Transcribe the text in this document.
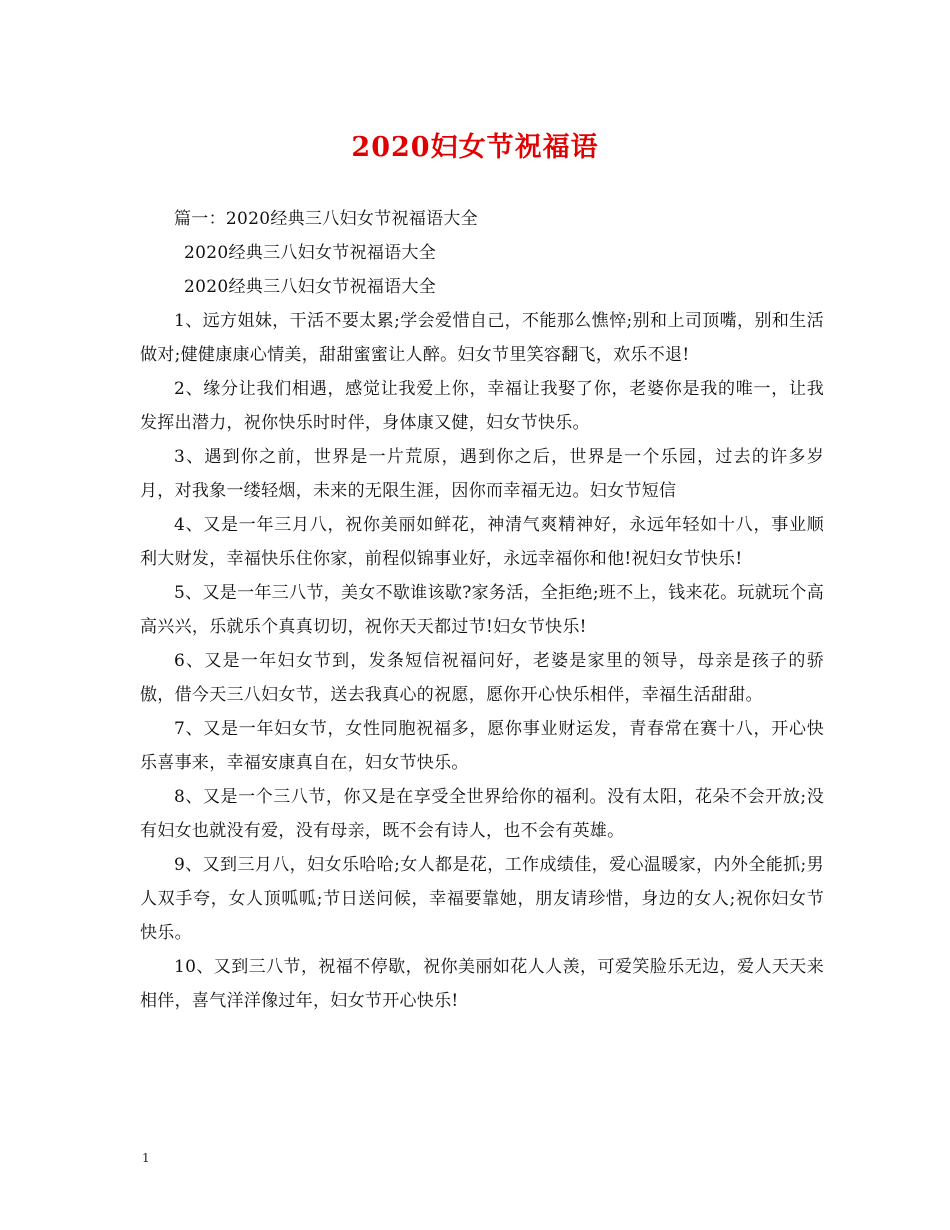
2020妇女节祝福语

篇一：2020经典三八妇女节祝福语大全

2020经典三八妇女节祝福语大全

2020经典三八妇女节祝福语大全

1、远方姐妹，干活不要太累;学会爱惜自己，不能那么憔悴;别和上司顶嘴，别和生活做对;健健康康心情美，甜甜蜜蜜让人醉。妇女节里笑容翻飞，欢乐不退!

2、缘分让我们相遇，感觉让我爱上你，幸福让我娶了你，老婆你是我的唯一，让我发挥出潜力，祝你快乐时时伴，身体康又健，妇女节快乐。

3、遇到你之前，世界是一片荒原，遇到你之后，世界是一个乐园，过去的许多岁月，对我象一缕轻烟，未来的无限生涯，因你而幸福无边。妇女节短信

4、又是一年三月八，祝你美丽如鲜花，神清气爽精神好，永远年轻如十八，事业顺利大财发，幸福快乐住你家，前程似锦事业好，永远幸福你和他!祝妇女节快乐!

5、又是一年三八节，美女不歇谁该歇?家务活，全拒绝;班不上，钱来花。玩就玩个高高兴兴，乐就乐个真真切切，祝你天天都过节!妇女节快乐!

6、又是一年妇女节到，发条短信祝福问好，老婆是家里的领导，母亲是孩子的骄傲，借今天三八妇女节，送去我真心的祝愿，愿你开心快乐相伴，幸福生活甜甜。

7、又是一年妇女节，女性同胞祝福多，愿你事业财运发，青春常在赛十八，开心快乐喜事来，幸福安康真自在，妇女节快乐。

8、又是一个三八节，你又是在享受全世界给你的福利。没有太阳，花朵不会开放;没有妇女也就没有爱，没有母亲，既不会有诗人，也不会有英雄。

9、又到三月八，妇女乐哈哈;女人都是花，工作成绩佳，爱心温暖家，内外全能抓;男人双手夸，女人顶呱呱;节日送问候，幸福要靠她，朋友请珍惜，身边的女人;祝你妇女节快乐。

10、又到三八节，祝福不停歇，祝你美丽如花人人羡，可爱笑脸乐无边，爱人天天来相伴，喜气洋洋像过年，妇女节开心快乐!

1
